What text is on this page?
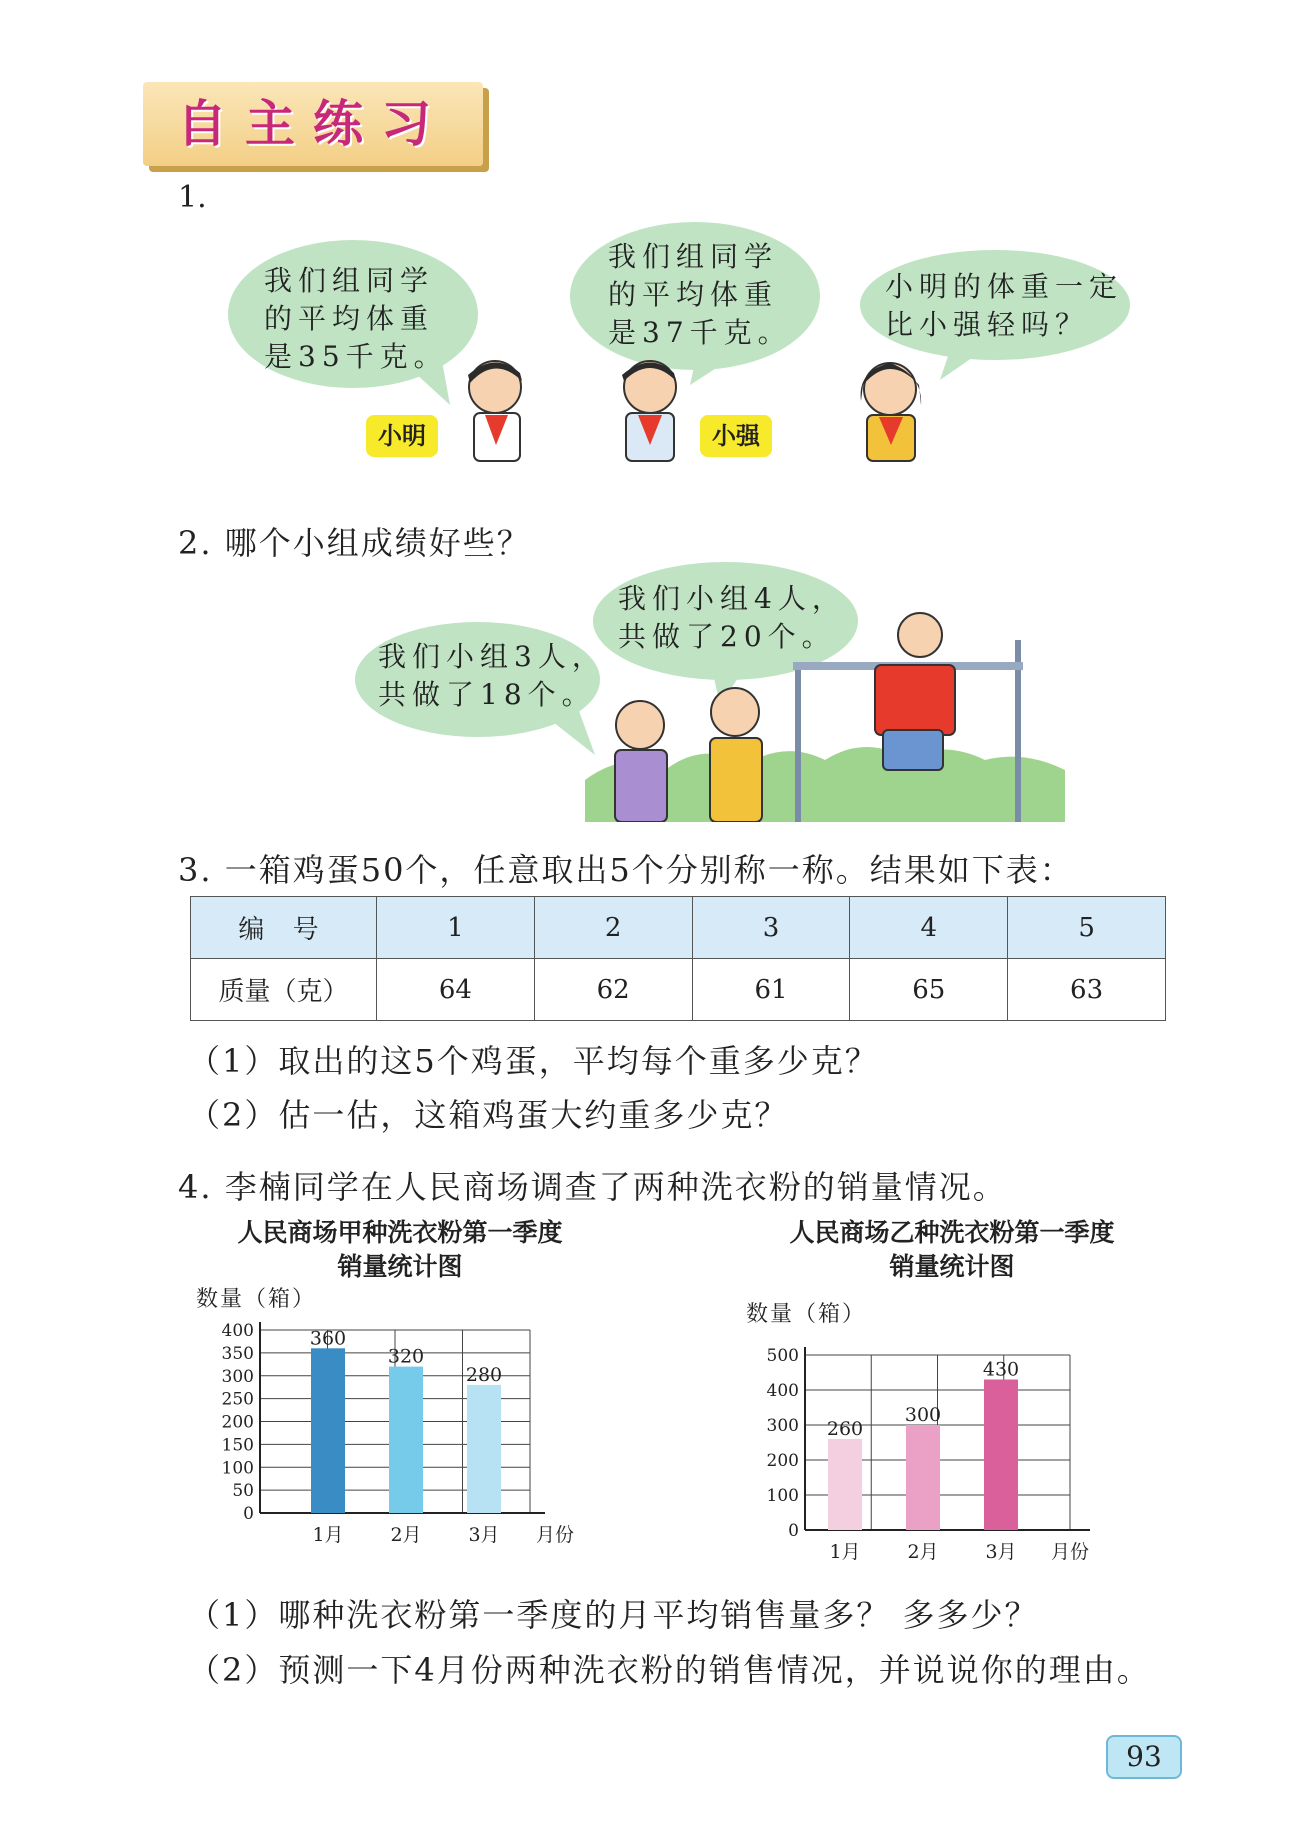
自主练习
1.
我们组同学
的平均体重
是35千克。
我们组同学
的平均体重
是37千克。
小明的体重一定
比小强轻吗？
小明	小强
2. 哪个小组成绩好些？
我们小组3人，
共做了18个。
我们小组4人，
共做了20个。
3. 一箱鸡蛋50个，任意取出5个分别称一称。结果如下表：
编 号	1	2	3	4	5
质量（克）	64	62	61	65	63
（1）取出的这5个鸡蛋，平均每个重多少克？
（2）估一估，这箱鸡蛋大约重多少克？
4. 李楠同学在人民商场调查了两种洗衣粉的销量情况。
人民商场甲种洗衣粉第一季度
销量统计图
数量（箱）
0
50
100
150
200
250
300
350
400	360
1月
320
2月
280
3月 月份
人民商场乙种洗衣粉第一季度
销量统计图
数量（箱）
0
100
200
300
400
500
260
1月
300
2月
430
3月 月份
（1）哪种洗衣粉第一季度的月平均销售量多？ 多多少？
（2）预测一下4月份两种洗衣粉的销售情况，并说说你的理由。
93
